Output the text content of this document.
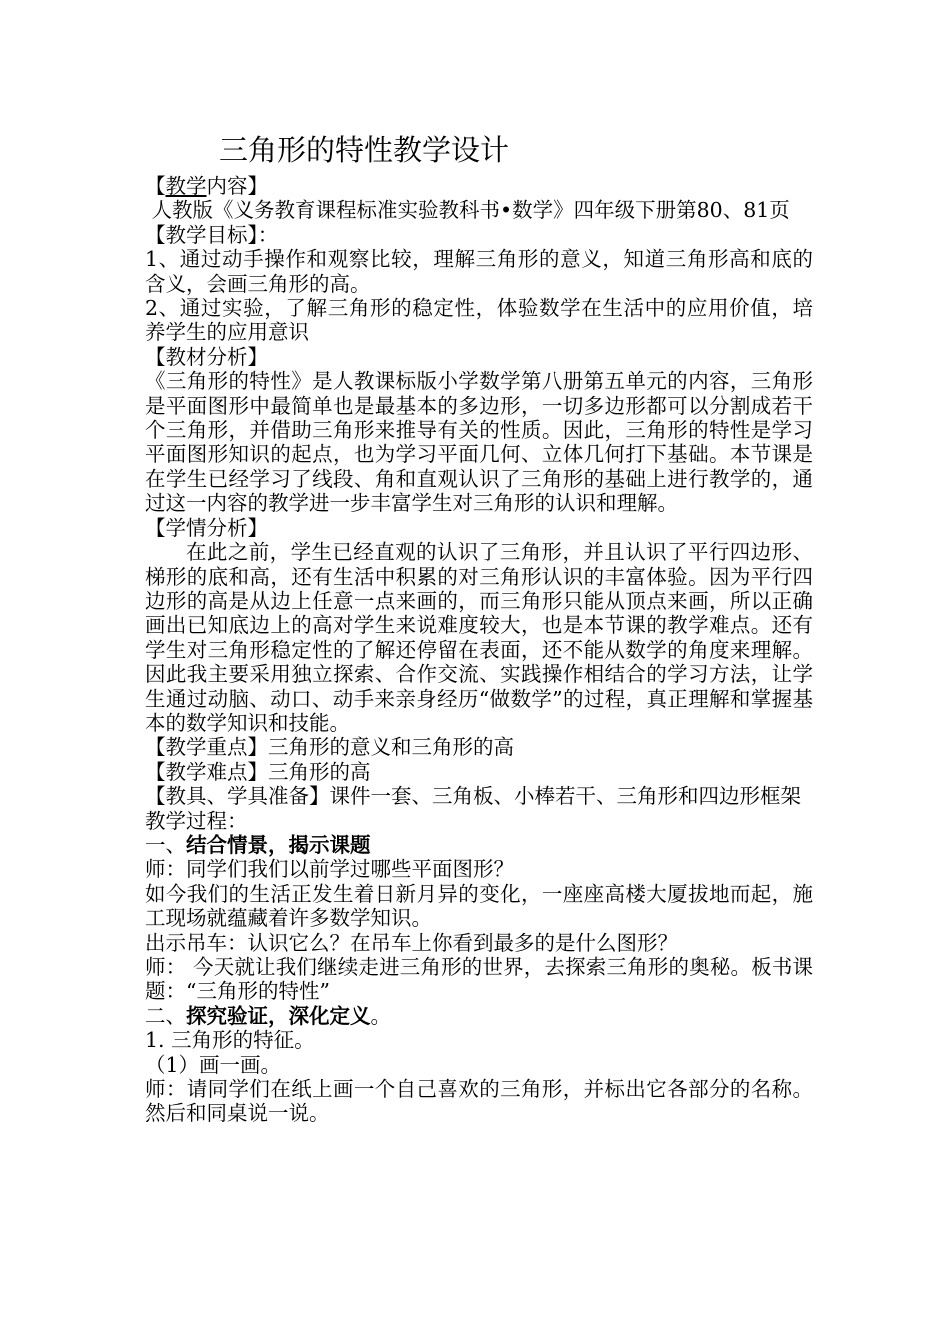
三角形的特性教学设计

【教学内容】

人教版《义务教育课程标准实验教科书•数学》四年级下册第80、81页

【教学目标】：

1、通过动手操作和观察比较，理解三角形的意义，知道三角形高和底的含义，会画三角形的高。

2、通过实验，了解三角形的稳定性，体验数学在生活中的应用价值，培养学生的应用意识

【教材分析】

《三角形的特性》是人教课标版小学数学第八册第五单元的内容，三角形是平面图形中最简单也是最基本的多边形，一切多边形都可以分割成若干个三角形，并借助三角形来推导有关的性质。因此，三角形的特性是学习平面图形知识的起点，也为学习平面几何、立体几何打下基础。本节课是在学生已经学习了线段、角和直观认识了三角形的基础上进行教学的，通过这一内容的教学进一步丰富学生对三角形的认识和理解。

【学情分析】

在此之前，学生已经直观的认识了三角形，并且认识了平行四边形、梯形的底和高，还有生活中积累的对三角形认识的丰富体验。因为平行四边形的高是从边上任意一点来画的，而三角形只能从顶点来画，所以正确画出已知底边上的高对学生来说难度较大，也是本节课的教学难点。还有学生对三角形稳定性的了解还停留在表面，还不能从数学的角度来理解。因此我主要采用独立探索、合作交流、实践操作相结合的学习方法，让学生通过动脑、动口、动手来亲身经历“做数学”的过程，真正理解和掌握基本的数学知识和技能。

【教学重点】三角形的意义和三角形的高

【教学难点】三角形的高

【教具、学具准备】课件一套、三角板、小棒若干、三角形和四边形框架

教学过程：

一、结合情景，揭示课题

师：同学们我们以前学过哪些平面图形？

如今我们的生活正发生着日新月异的变化，一座座高楼大厦拔地而起，施工现场就蕴藏着许多数学知识。

出示吊车：认识它么？在吊车上你看到最多的是什么图形？

师： 今天就让我们继续走进三角形的世界，去探索三角形的奥秘。板书课题：“三角形的特性”

二、探究验证，深化定义。

1. 三角形的特征。

（1）画一画。

师：请同学们在纸上画一个自己喜欢的三角形，并标出它各部分的名称。然后和同桌说一说。
